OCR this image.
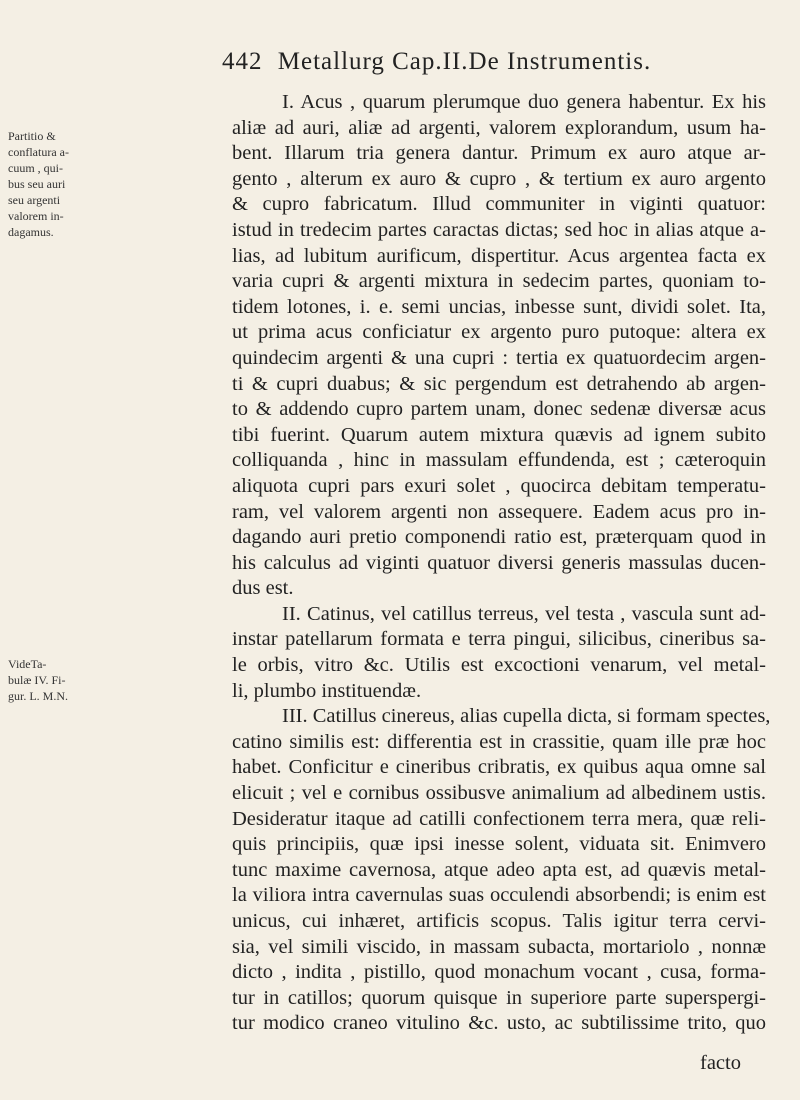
442 Metallurg Cap.II.De Instrumentis.
Partitio &
conflatura a-
cuum , qui-
bus seu auri
seu argenti
valorem in-
dagamus.
VideTa-
bulæ IV. Fi-
gur. L. M.N.
I. Acus , quarum plerumque duo genera habentur. Ex his
aliæ ad auri, aliæ ad argenti, valorem explorandum, usum ha-
bent. Illarum tria genera dantur. Primum ex auro atque ar-
gento , alterum ex auro & cupro , & tertium ex auro argento
& cupro fabricatum. Illud communiter in viginti quatuor:
istud in tredecim partes caractas dictas; sed hoc in alias atque a-
lias, ad lubitum aurificum, dispertitur. Acus argentea facta ex
varia cupri & argenti mixtura in sedecim partes, quoniam to-
tidem lotones, i. e. semi uncias, inbesse sunt, dividi solet. Ita,
ut prima acus conficiatur ex argento puro putoque: altera ex
quindecim argenti & una cupri : tertia ex quatuordecim argen-
ti & cupri duabus; & sic pergendum est detrahendo ab argen-
to & addendo cupro partem unam, donec sedenæ diversæ acus
tibi fuerint. Quarum autem mixtura quævis ad ignem subito
colliquanda , hinc in massulam effundenda, est ; cæteroquin
aliquota cupri pars exuri solet , quocirca debitam temperatu-
ram, vel valorem argenti non assequere. Eadem acus pro in-
dagando auri pretio componendi ratio est, præterquam quod in
his calculus ad viginti quatuor diversi generis massulas ducen-
dus est.
II. Catinus, vel catillus terreus, vel testa , vascula sunt ad-
instar patellarum formata e terra pingui, silicibus, cineribus sa-
le orbis, vitro &c. Utilis est excoctioni venarum, vel metal-
li, plumbo instituendæ.
III. Catillus cinereus, alias cupella dicta, si formam spectes,
catino similis est: differentia est in crassitie, quam ille præ hoc
habet. Conficitur e cineribus cribratis, ex quibus aqua omne sal
elicuit ; vel e cornibus ossibusve animalium ad albedinem ustis.
Desideratur itaque ad catilli confectionem terra mera, quæ reli-
quis principiis, quæ ipsi inesse solent, viduata sit. Enimvero
tunc maxime cavernosa, atque adeo apta est, ad quævis metal-
la viliora intra cavernulas suas occulendi absorbendi; is enim est
unicus, cui inhæret, artificis scopus. Talis igitur terra cervi-
sia, vel simili viscido, in massam subacta, mortariolo , nonnæ
dicto , indita , pistillo, quod monachum vocant , cusa, forma-
tur in catillos; quorum quisque in superiore parte superspergi-
tur modico craneo vitulino &c. usto, ac subtilissime trito, quo
facto
